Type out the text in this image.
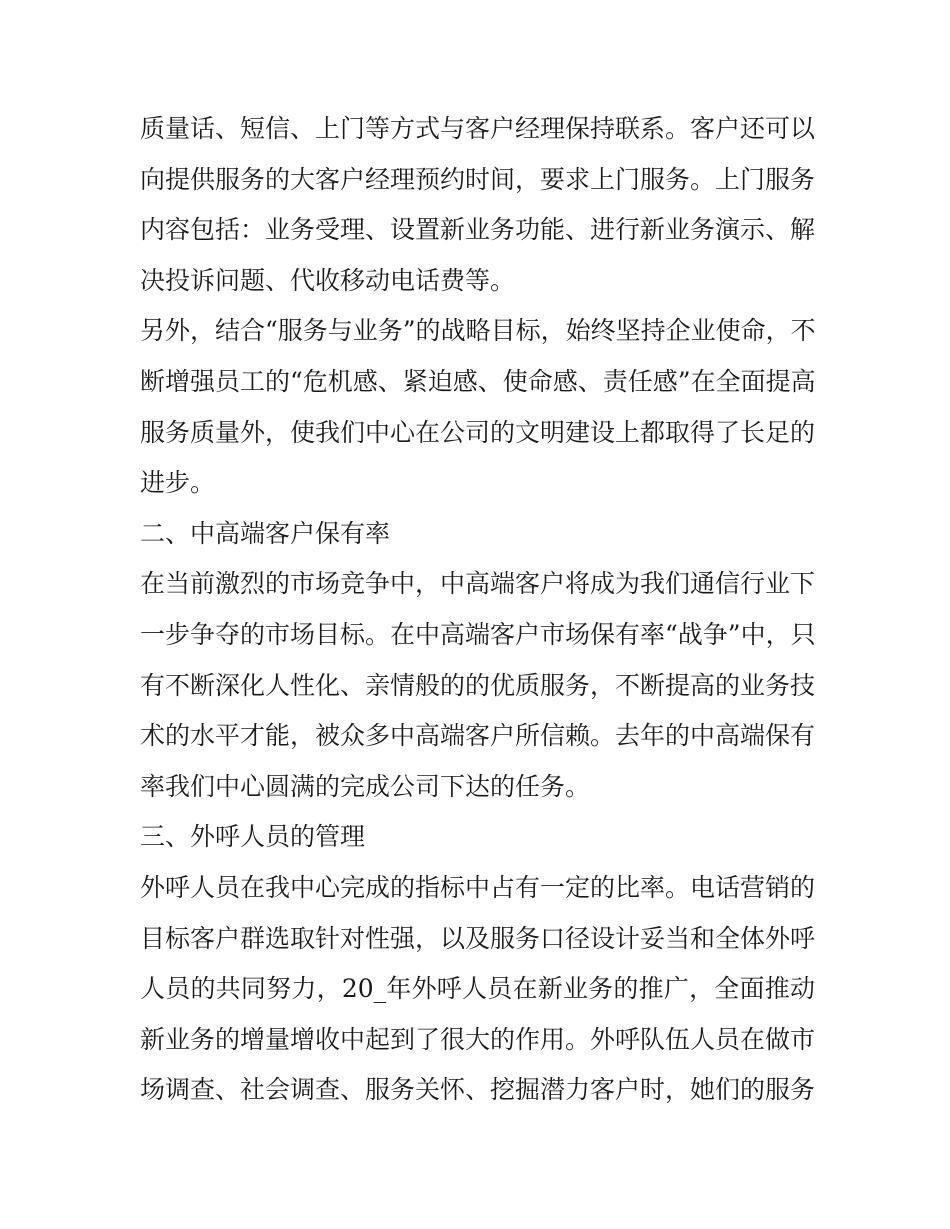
质量话、短信、上门等方式与客户经理保持联系。客户还可以
向提供服务的大客户经理预约时间，要求上门服务。上门服务
内容包括：业务受理、设置新业务功能、进行新业务演示、解
决投诉问题、代收移动电话费等。
另外，结合“服务与业务”的战略目标，始终坚持企业使命，不
断增强员工的“危机感、紧迫感、使命感、责任感”在全面提高
服务质量外，使我们中心在公司的文明建设上都取得了长足的
进步。
二、中高端客户保有率
在当前激烈的市场竞争中，中高端客户将成为我们通信行业下
一步争夺的市场目标。在中高端客户市场保有率“战争”中，只
有不断深化人性化、亲情般的的优质服务，不断提高的业务技
术的水平才能，被众多中高端客户所信赖。去年的中高端保有
率我们中心圆满的完成公司下达的任务。
三、外呼人员的管理
外呼人员在我中心完成的指标中占有一定的比率。电话营销的
目标客户群选取针对性强，以及服务口径设计妥当和全体外呼
人员的共同努力，20_年外呼人员在新业务的推广，全面推动
新业务的增量增收中起到了很大的作用。外呼队伍人员在做市
场调查、社会调查、服务关怀、挖掘潜力客户时，她们的服务
